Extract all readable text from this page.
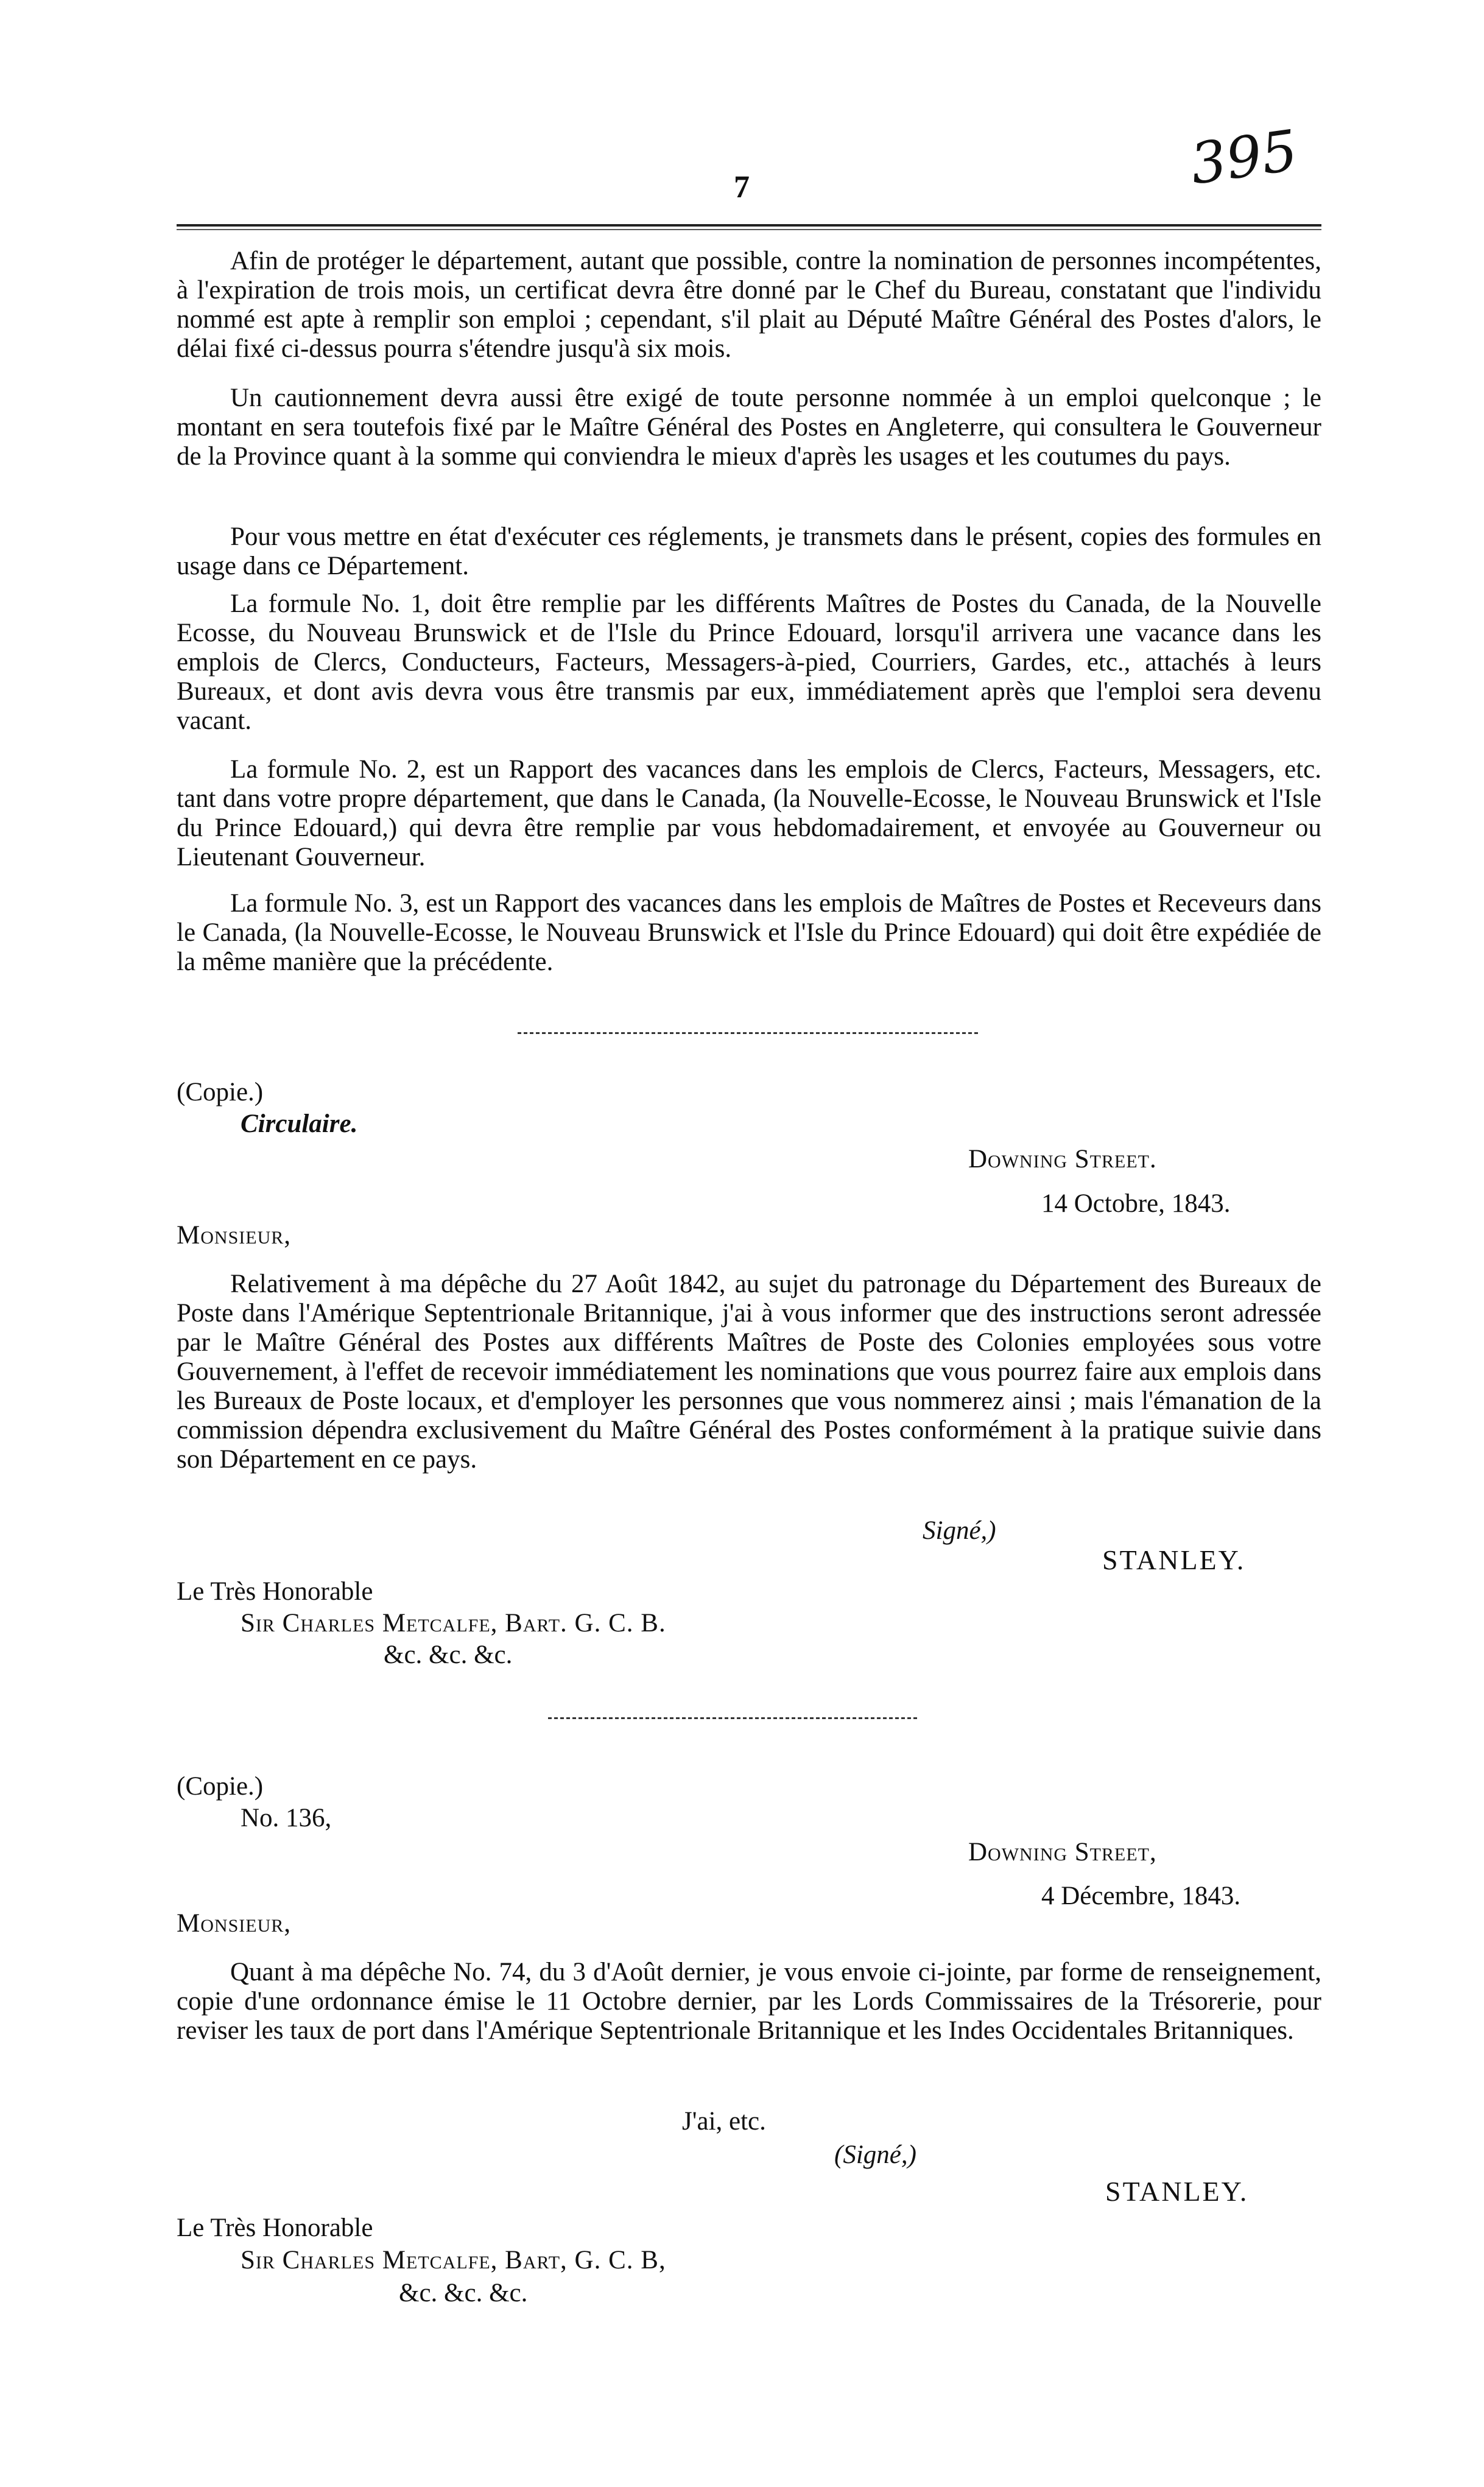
7	395

Afin de protéger le département, autant que possible, contre la nomination de personnes incompétentes, à l'expiration de trois mois, un certificat devra être donné par le Chef du Bureau, constatant que l'individu nommé est apte à remplir son emploi ; cependant, s'il plait au Député Maître Général des Postes d'alors, le délai fixé ci-dessus pourra s'étendre jusqu'à six mois.

Un cautionnement devra aussi être exigé de toute personne nommée à un emploi quelconque ; le montant en sera toutefois fixé par le Maître Général des Postes en Angleterre, qui consultera le Gouverneur de la Province quant à la somme qui conviendra le mieux d'après les usages et les coutumes du pays.

Pour vous mettre en état d'exécuter ces réglements, je transmets dans le présent, copies des formules en usage dans ce Département.

La formule No. 1, doit être remplie par les différents Maîtres de Postes du Canada, de la Nouvelle Ecosse, du Nouveau Brunswick et de l'Isle du Prince Edouard, lorsqu'il arrivera une vacance dans les emplois de Clercs, Conducteurs, Facteurs, Messagers-à-pied, Courriers, Gardes, etc., attachés à leurs Bureaux, et dont avis devra vous être transmis par eux, immédiatement après que l'emploi sera devenu vacant.

La formule No. 2, est un Rapport des vacances dans les emplois de Clercs, Facteurs, Messagers, etc. tant dans votre propre département, que dans le Canada, (la Nouvelle-Ecosse, le Nouveau Brunswick et l'Isle du Prince Edouard,) qui devra être remplie par vous hebdomadairement, et envoyée au Gouverneur ou Lieutenant Gouverneur.

La formule No. 3, est un Rapport des vacances dans les emplois de Maîtres de Postes et Receveurs dans le Canada, (la Nouvelle-Ecosse, le Nouveau Brunswick et l'Isle du Prince Edouard) qui doit être expédiée de la même manière que la précédente.

(Copie.)
Circulaire.
Downing Street.
14 Octobre, 1843.
Monsieur,

Relativement à ma dépêche du 27 Août 1842, au sujet du patronage du Département des Bureaux de Poste dans l'Amérique Septentrionale Britannique, j'ai à vous informer que des instructions seront adressée par le Maître Général des Postes aux différents Maîtres de Poste des Colonies employées sous votre Gouvernement, à l'effet de recevoir immédiatement les nominations que vous pourrez faire aux emplois dans les Bureaux de Poste locaux, et d'employer les personnes que vous nommerez ainsi ; mais l'émanation de la commission dépendra exclusivement du Maître Général des Postes conformément à la pratique suivie dans son Département en ce pays.

Signé,)
STANLEY.
Le Très Honorable
Sir Charles Metcalfe, Bart. G. C. B.
&c. &c. &c.
(Copie.)
No. 136,
Downing Street,
4 Décembre, 1843.
Monsieur,

Quant à ma dépêche No. 74, du 3 d'Août dernier, je vous envoie ci-jointe, par forme de renseignement, copie d'une ordonnance émise le 11 Octobre dernier, par les Lords Commissaires de la Trésorerie, pour reviser les taux de port dans l'Amérique Septentrionale Britannique et les Indes Occidentales Britanniques.

J'ai, etc.
(Signé,)
STANLEY.
Le Très Honorable
Sir Charles Metcalfe, Bart, G. C. B,
&c. &c. &c.
